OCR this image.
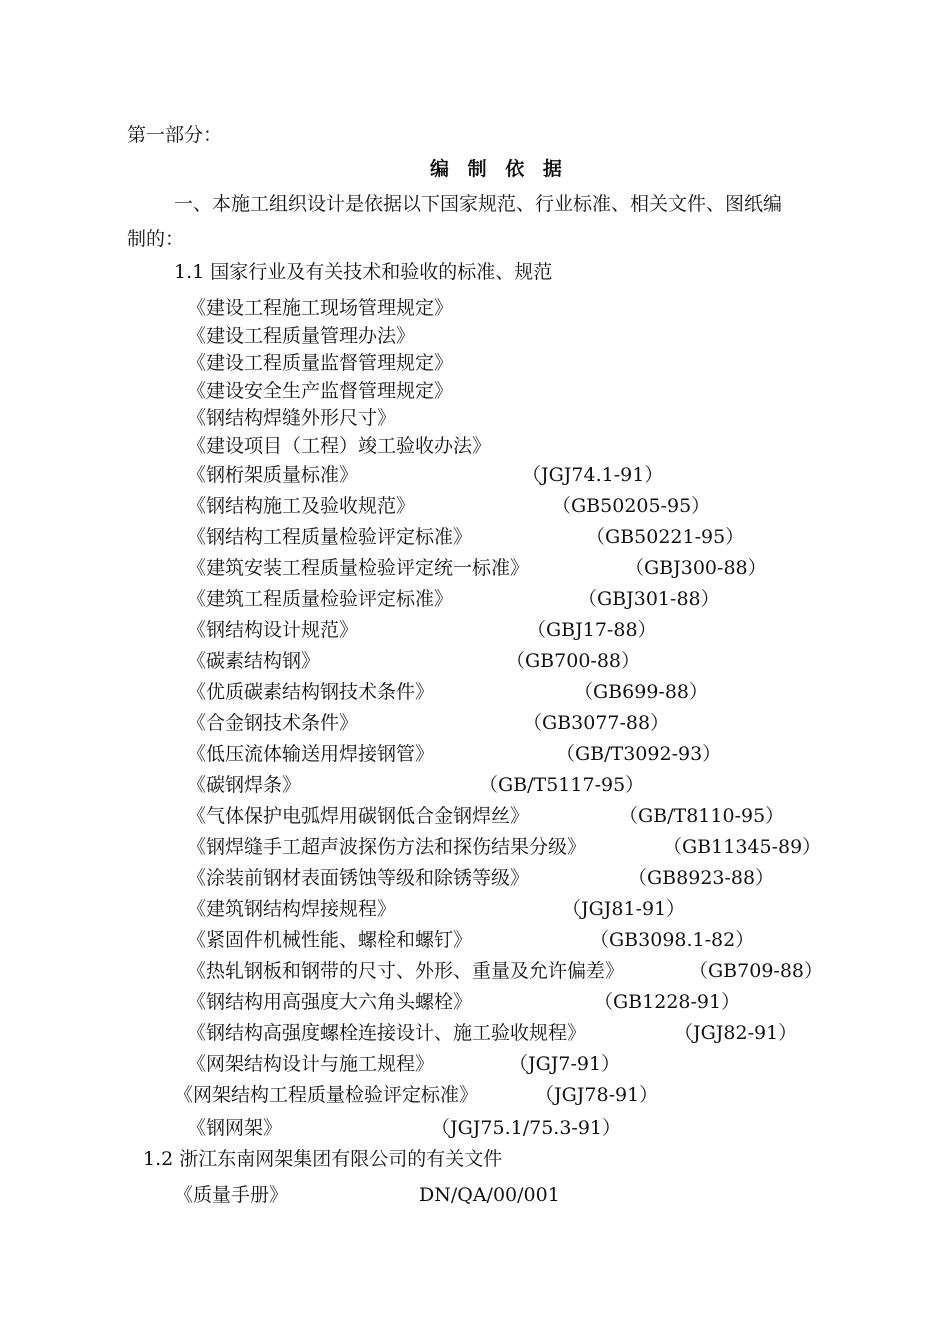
第一部分：
编 制 依 据
一、本施工组织设计是依据以下国家规范、行业标准、相关文件、图纸编
制的：
1.1 国家行业及有关技术和验收的标准、规范
《建设工程施工现场管理规定》
《建设工程质量管理办法》
《建设工程质量监督管理规定》
《建设安全生产监督管理规定》
《钢结构焊缝外形尺寸》
《建设项目（工程）竣工验收办法》
《钢桁架质量标准》	（JGJ74.1-91）
《钢结构施工及验收规范》	（GB50205-95）
《钢结构工程质量检验评定标准》	（GB50221-95）
《建筑安装工程质量检验评定统一标准》	（GBJ300-88）
《建筑工程质量检验评定标准》	（GBJ301-88）
《钢结构设计规范》	（GBJ17-88）
《碳素结构钢》	（GB700-88）
《优质碳素结构钢技术条件》	（GB699-88）
《合金钢技术条件》	（GB3077-88）
《低压流体输送用焊接钢管》	（GB/T3092-93）
《碳钢焊条》	（GB/T5117-95）
《气体保护电弧焊用碳钢低合金钢焊丝》	（GB/T8110-95）
《钢焊缝手工超声波探伤方法和探伤结果分级》	（GB11345-89）
《涂装前钢材表面锈蚀等级和除锈等级》	（GB8923-88）
《建筑钢结构焊接规程》	（JGJ81-91）
《紧固件机械性能、螺栓和螺钉》	（GB3098.1-82）
《热轧钢板和钢带的尺寸、外形、重量及允许偏差》	（GB709-88）
《钢结构用高强度大六角头螺栓》	（GB1228-91）
《钢结构高强度螺栓连接设计、施工验收规程》	（JGJ82-91）
《网架结构设计与施工规程》	（JGJ7-91）
《网架结构工程质量检验评定标准》	（JGJ78-91）
《钢网架》	（JGJ75.1/75.3-91）
1.2 浙江东南网架集团有限公司的有关文件
《质量手册》	DN/QA/00/001
